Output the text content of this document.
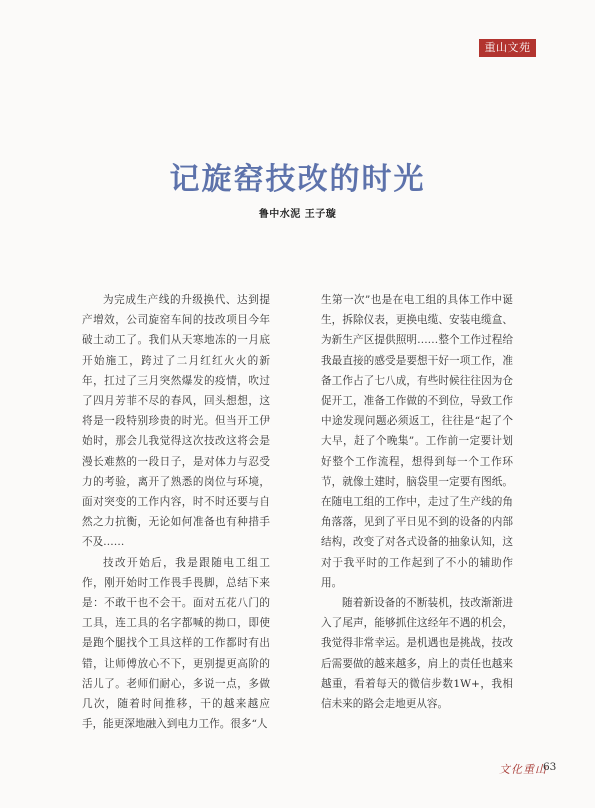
重山文苑
记旋窑技改的时光
鲁中水泥 王子璇

为完成生产线的升级换代、达到提产增效，公司旋窑车间的技改项目今年破土动工了。我们从天寒地冻的一月底开始施工，跨过了二月红红火火的新年，扛过了三月突然爆发的疫情，吹过了四月芳菲不尽的春风，回头想想，这将是一段特别珍贵的时光。但当开工伊始时，那会儿我觉得这次技改这将会是漫长难熬的一段日子，是对体力与忍受力的考验，离开了熟悉的岗位与环境，面对突变的工作内容，时不时还要与自然之力抗衡，无论如何准备也有种措手不及……

技改开始后，我是跟随电工组工作，刚开始时工作畏手畏脚，总结下来是：不敢干也不会干。面对五花八门的工具，连工具的名字都喊的拗口，即使是跑个腿找个工具这样的工作都时有出错，让师傅放心不下，更别提更高阶的活儿了。老师们耐心，多说一点，多做几次，随着时间推移，干的越来越应手，能更深地融入到电力工作。很多“人

生第一次”也是在电工组的具体工作中诞生，拆除仪表，更换电缆、安装电缆盒、为新生产区提供照明……整个工作过程给我最直接的感受是要想干好一项工作，准备工作占了七八成，有些时候往往因为仓促开工，准备工作做的不到位，导致工作中途发现问题必须返工，往往是“起了个大早，赶了个晚集”。工作前一定要计划好整个工作流程，想得到每一个工作环节，就像土建时，脑袋里一定要有图纸。在随电工组的工作中，走过了生产线的角角落落，见到了平日见不到的设备的内部结构，改变了对各式设备的抽象认知，这对于我平时的工作起到了不小的辅助作用。

随着新设备的不断装机，技改渐渐进入了尾声，能够抓住这经年不遇的机会，我觉得非常幸运。是机遇也是挑战，技改后需要做的越来越多，肩上的责任也越来越重，看着每天的微信步数1W+，我相信未来的路会走地更从容。

文化重山
63
